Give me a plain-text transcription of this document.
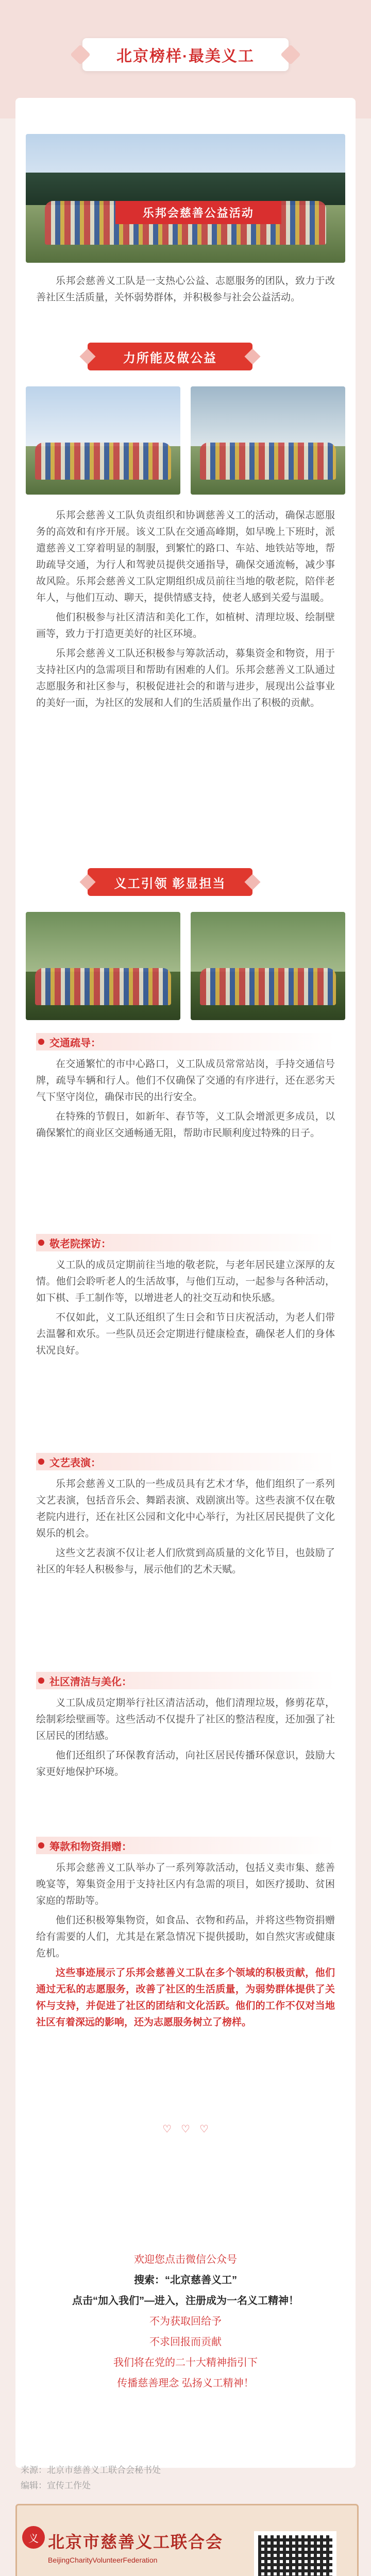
北京榜样·最美义工
乐邦会慈善公益活动

乐邦会慈善义工队是一支热心公益、志愿服务的团队，致力于改善社区生活质量，关怀弱势群体，并积极参与社会公益活动。

力所能及做公益

乐邦会慈善义工队负责组织和协调慈善义工的活动，确保志愿服务的高效和有序开展。该义工队在交通高峰期，如早晚上下班时，派遣慈善义工穿着明显的制服，到繁忙的路口、车站、地铁站等地，帮助疏导交通，为行人和驾驶员提供交通指导，确保交通流畅，减少事故风险。乐邦会慈善义工队定期组织成员前往当地的敬老院，陪伴老年人，与他们互动、聊天，提供情感支持，使老人感到关爱与温暖。

他们积极参与社区清洁和美化工作，如植树、清理垃圾、绘制壁画等，致力于打造更美好的社区环境。

乐邦会慈善义工队还积极参与筹款活动，募集资金和物资，用于支持社区内的急需项目和帮助有困难的人们。乐邦会慈善义工队通过志愿服务和社区参与，积极促进社会的和谐与进步，展现出公益事业的美好一面，为社区的发展和人们的生活质量作出了积极的贡献。

义工引领 彰显担当
交通疏导：

在交通繁忙的市中心路口，义工队成员常常站岗，手持交通信号牌，疏导车辆和行人。他们不仅确保了交通的有序进行，还在恶劣天气下坚守岗位，确保市民的出行安全。

在特殊的节假日，如新年、春节等，义工队会增派更多成员，以确保繁忙的商业区交通畅通无阻，帮助市民顺利度过特殊的日子。

敬老院探访：

义工队的成员定期前往当地的敬老院，与老年居民建立深厚的友情。他们会聆听老人的生活故事，与他们互动，一起参与各种活动，如下棋、手工制作等，以增进老人的社交互动和快乐感。

不仅如此，义工队还组织了生日会和节日庆祝活动，为老人们带去温馨和欢乐。一些队员还会定期进行健康检查，确保老人们的身体状况良好。

文艺表演：

乐邦会慈善义工队的一些成员具有艺术才华，他们组织了一系列文艺表演，包括音乐会、舞蹈表演、戏剧演出等。这些表演不仅在敬老院内进行，还在社区公园和文化中心举行，为社区居民提供了文化娱乐的机会。

这些文艺表演不仅让老人们欣赏到高质量的文化节目，也鼓励了社区的年轻人积极参与，展示他们的艺术天赋。

社区清洁与美化：

义工队成员定期举行社区清洁活动，他们清理垃圾，修剪花草，绘制彩绘壁画等。这些活动不仅提升了社区的整洁程度，还加强了社区居民的团结感。

他们还组织了环保教育活动，向社区居民传播环保意识，鼓励大家更好地保护环境。

筹款和物资捐赠：

乐邦会慈善义工队举办了一系列筹款活动，包括义卖市集、慈善晚宴等，筹集资金用于支持社区内有急需的项目，如医疗援助、贫困家庭的帮助等。

他们还积极筹集物资，如食品、衣物和药品，并将这些物资捐赠给有需要的人们，尤其是在紧急情况下提供援助，如自然灾害或健康危机。

这些事迹展示了乐邦会慈善义工队在多个领域的积极贡献，他们通过无私的志愿服务，改善了社区的生活质量，为弱势群体提供了关怀与支持，并促进了社区的团结和文化活跃。他们的工作不仅对当地社区有着深远的影响，还为志愿服务树立了榜样。

♡ ♡ ♡
欢迎您点击微信公众号
搜索：“北京慈善义工”
点击“加入我们”—进入，注册成为一名义工精神！
不为获取回给予
不求回报而贡献
我们将在党的二十大精神指引下
传播慈善理念 弘扬义工精神！
来源：北京市慈善义工联合会秘书处
编辑：宣传工作处
义 北京市慈善义工联合会
BeijingCharityVolunteerFederation
